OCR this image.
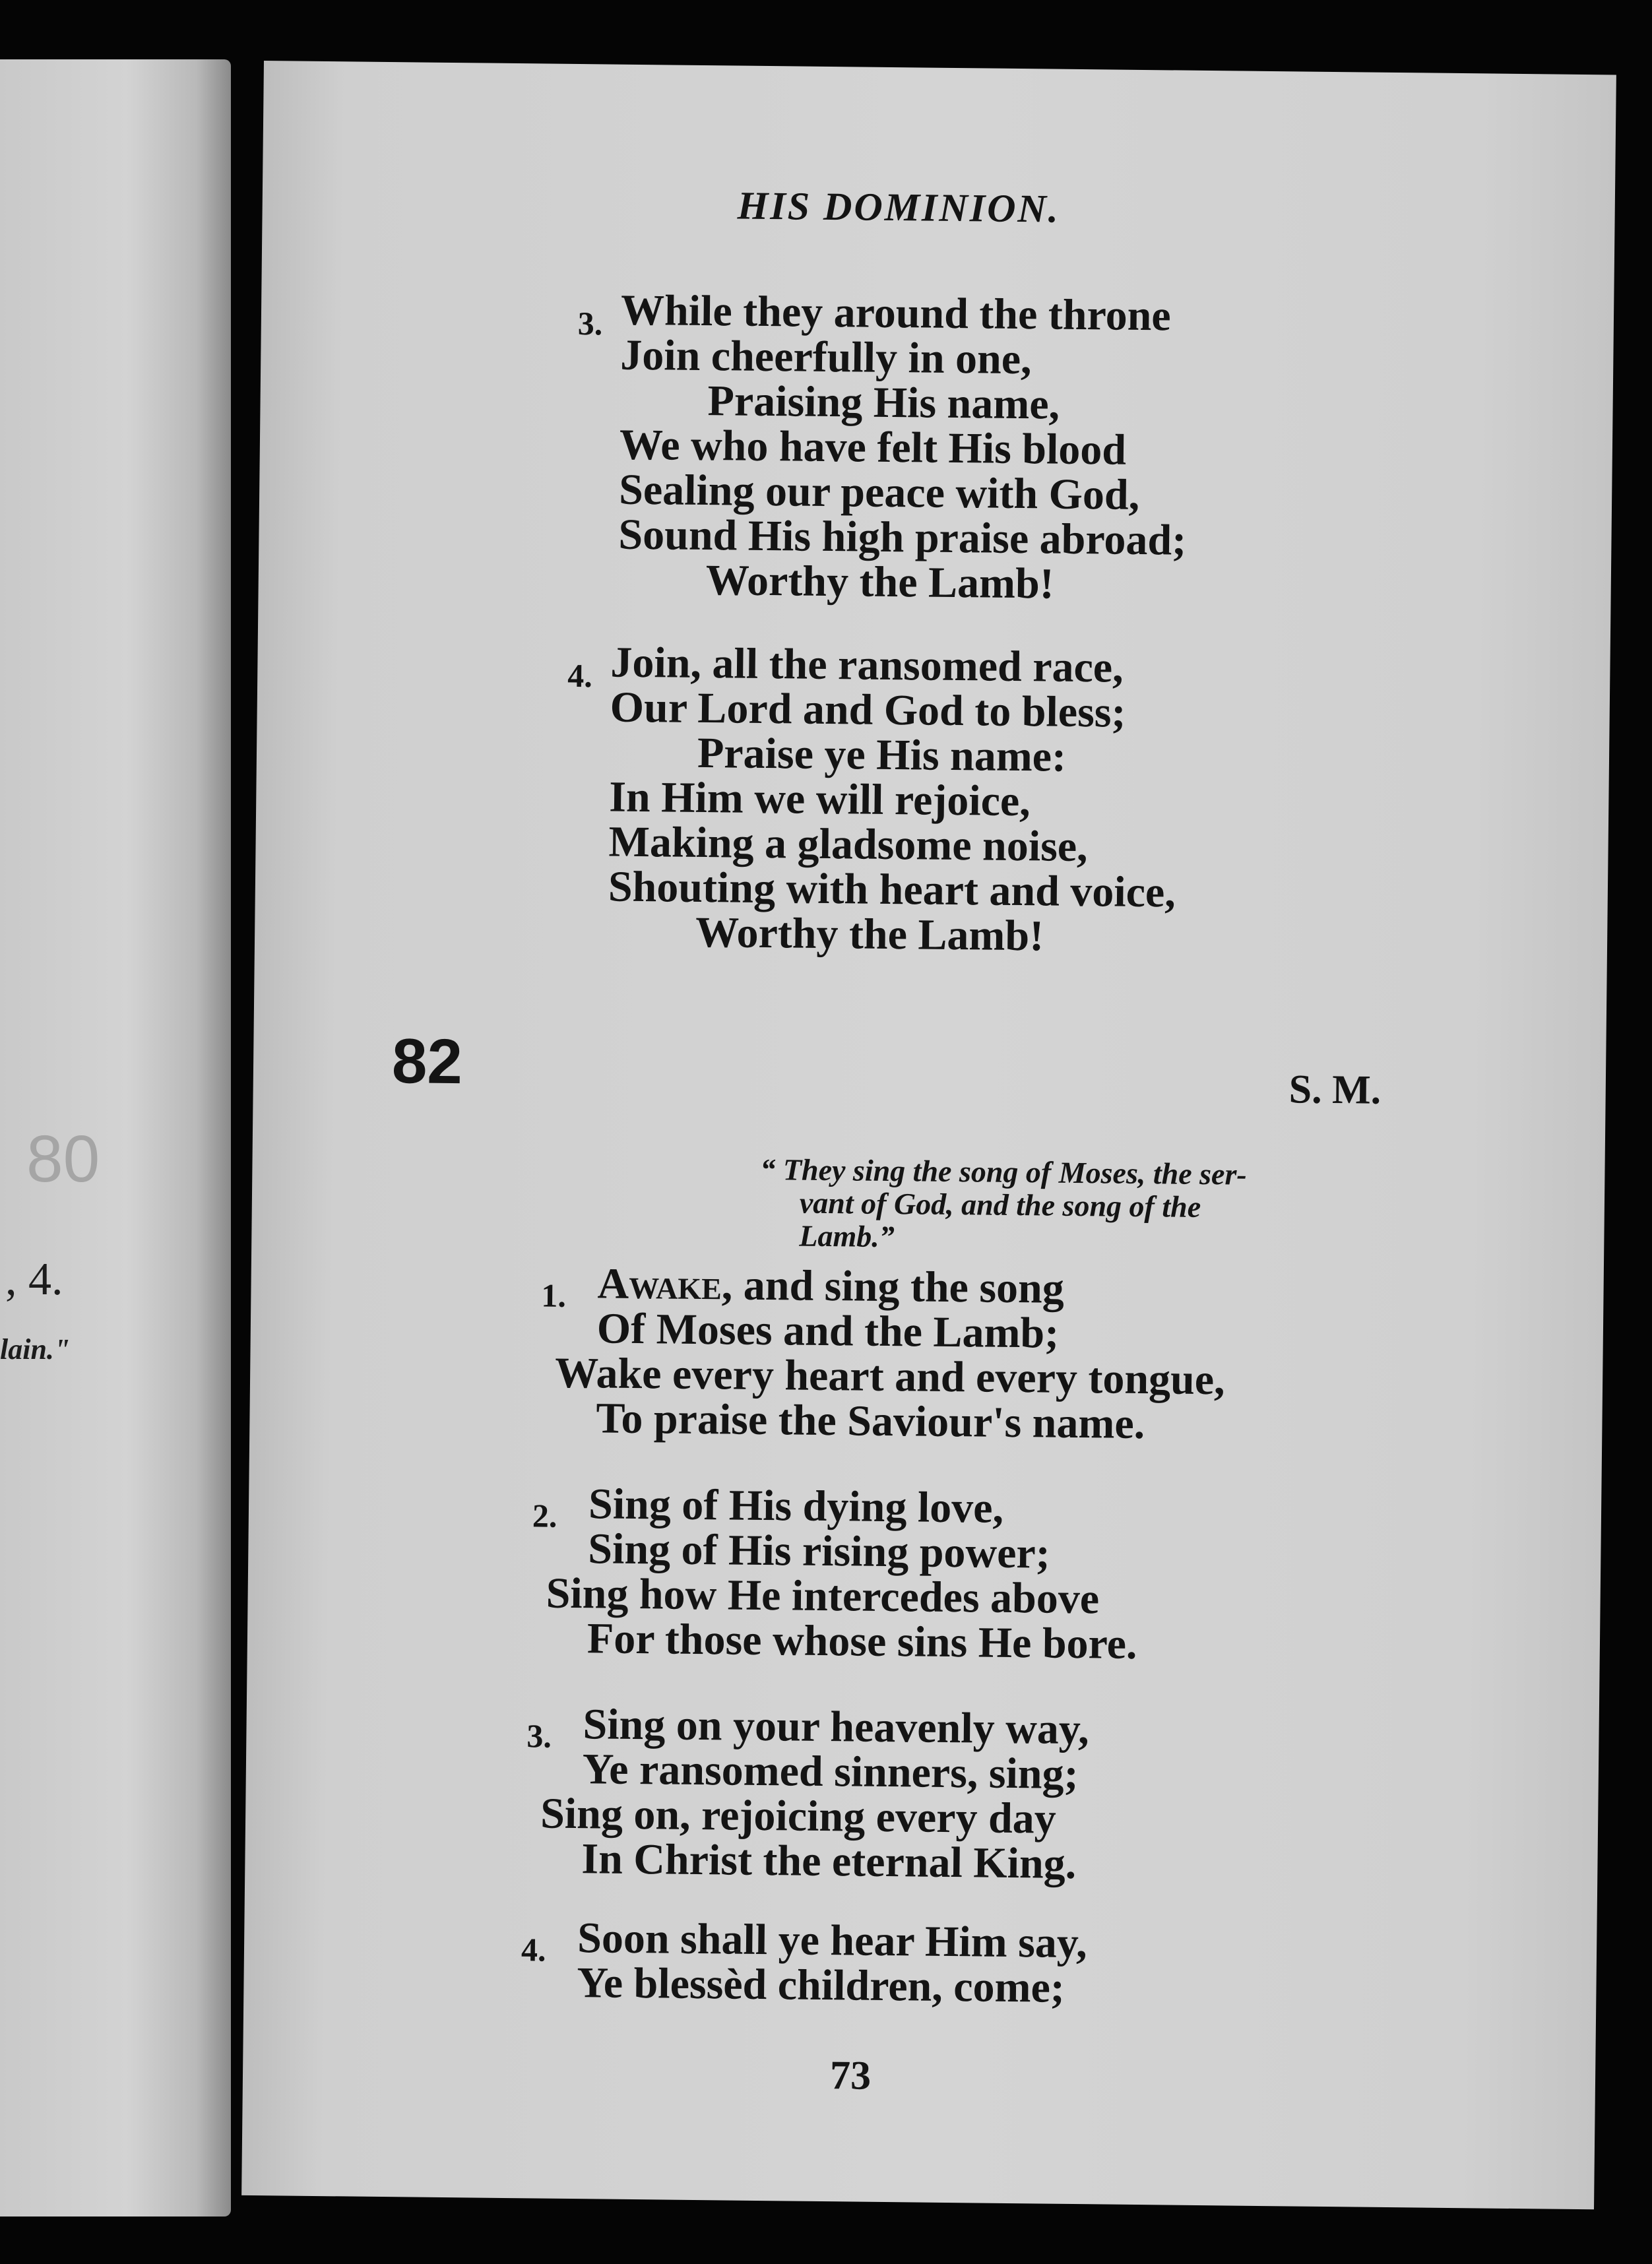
80
, 4.
lain."
HIS DOMINION.
3. While they around the throne
Join cheerfully in one,
Praising His name,
We who have felt His blood
Sealing our peace with God,
Sound His high praise abroad;
Worthy the Lamb!
4. Join, all the ransomed race,
Our Lord and God to bless;
Praise ye His name:
In Him we will rejoice,
Making a gladsome noise,
Shouting with heart and voice,
Worthy the Lamb!
82	S. M.
“ They sing the song of Moses, the ser-
vant of God, and the song of the
Lamb.”
1. Awake, and sing the song
Of Moses and the Lamb;
Wake every heart and every tongue,
To praise the Saviour's name.
2. Sing of His dying love,
Sing of His rising power;
Sing how He intercedes above
For those whose sins He bore.
3. Sing on your heavenly way,
Ye ransomed sinners, sing;
Sing on, rejoicing every day
In Christ the eternal King.
4. Soon shall ye hear Him say,
Ye blessèd children, come;
73
